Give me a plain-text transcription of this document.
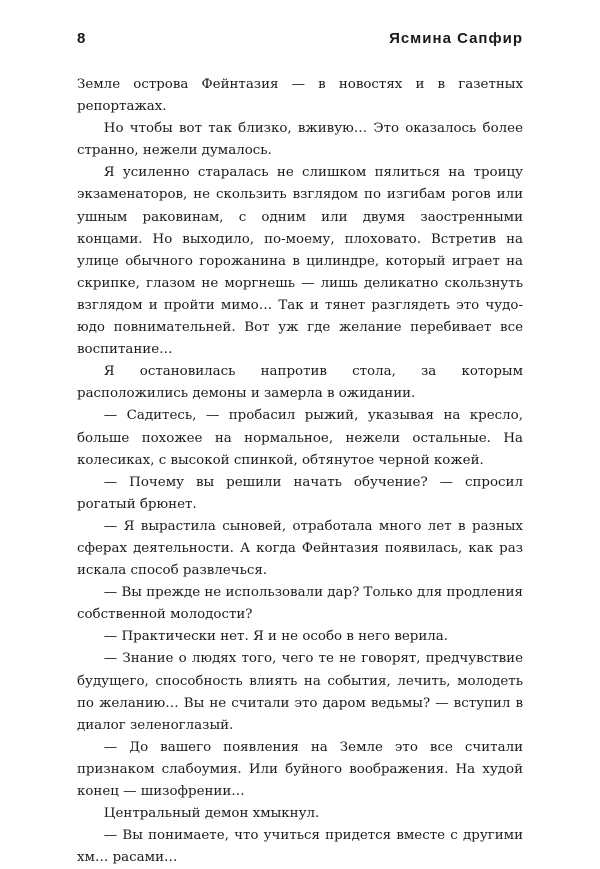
8	Ясмина Сапфир

Земле острова Фейнтазия — в новостях и в газетных репортажах.

Но чтобы вот так близко, вживую… Это оказалось более странно, нежели думалось.

Я усиленно старалась не слишком пялиться на троицу экзаменаторов, не скользить взглядом по изгибам рогов или ушным раковинам, с одним или двумя заостренными концами. Но выходило, по-моему, плоховато. Встретив на улице обычного горожанина в цилиндре, который играет на скрипке, глазом не моргнешь — лишь деликатно скользнуть взглядом и пройти мимо… Так и тянет разглядеть это чудо-юдо повнимательней. Вот уж где желание перебивает все воспитание…

Я остановилась напротив стола, за которым расположились демоны и замерла в ожидании.

— Садитесь, — пробасил рыжий, указывая на кресло, больше похожее на нормальное, нежели остальные. На колесиках, с высокой спинкой, обтянутое черной кожей.

— Почему вы решили начать обучение? — спросил рогатый брюнет.

— Я вырастила сыновей, отработала много лет в разных сферах деятельности. А когда Фейнтазия появилась, как раз искала способ развлечься.

— Вы прежде не использовали дар? Только для продления собственной молодости?

— Практически нет. Я и не особо в него верила.

— Знание о людях того, чего те не говорят, предчувствие будущего, способность влиять на события, лечить, молодеть по желанию… Вы не считали это даром ведьмы? — вступил в диалог зеленоглазый.

— До вашего появления на Земле это все считали признаком слабоумия. Или буйного воображения. На худой конец — шизофрении…

Центральный демон хмыкнул.

— Вы понимаете, что учиться придется вместе с другими хм… расами…
